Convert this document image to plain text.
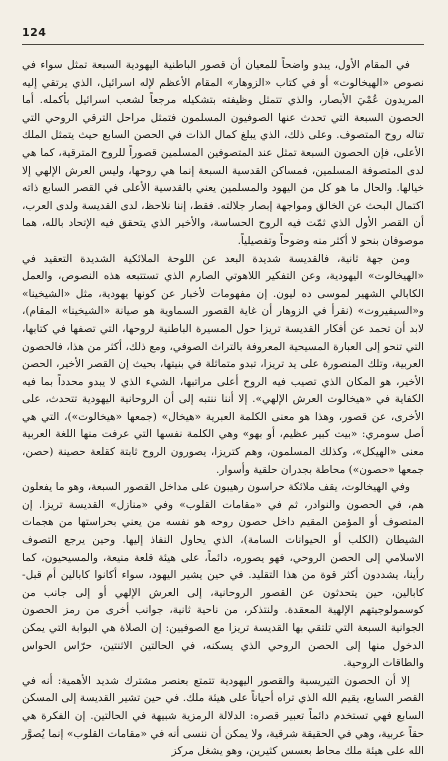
124

في المقام الأول، يبدو واضحاً للمعيان أن قصور الباطنية اليهودية السبعة تمثل سواء في نصوص «الهيخالوت» أو في كتاب «الزوهار» المقام الأعظم لإله اسرائيل، الذي يرتقي إليه المريدون عُمْيَ الأبصار، والذي تتمثل وظيفته بتشكيله مرجعاً لشعب اسرائيل بأكمله. أما الحصون السبعة التي تحدث عنها الصوفيون المسلمون فتمثل مراحل الترقي الروحي التي تناله روح المتصوف. وعلى ذلك، الذي يبلغ كمال الذات في الحصن السابع حيث يتمثل الملك الأعلى، فإن الحصون السبعة تمثل عند المتصوفين المسلمين قصوراً للروح المترقية، كما هي لدى المتصوفة المسلمين، فمساكن القدسية السبعة إنما هي روحها، وليس العرش الإلهي إلا خيالها. والحال ما هو كل من اليهود والمسلمين يعني بالقدسية الأعلى في القصر السابع ذاته اكتمال البحث عن الخالق ومواجهة إبصار جلالته. فقط، إننا نلاحظ، لدى القديسة ولدى العرب، أن القصر الأول الذي ثمّت فيه الروح الحساسة، والأخير الذي يتحقق فيه الإتحاد بالله، هما موصوفان بنحو لا أكثر منه وضوحاً وتفصيلياً.

ومن جهة ثانية، فالقديسة شديدة البعد عن اللوحة الملائكية الشديدة التعقيد في «الهيخالوت» اليهودية، وعن التفكير اللاهوتي الصارم الذي تستتبعه هذه النصوص، والعمل الكابالي الشهير لموسى ده ليون. إن مفهومات لأخبار عن كونها يهودية، مثل «الشيخينا» و«السيفيروت» (نقرأ في الزوهار أن غاية القصور السماوية هو صيانة «الشيخينا» المقام)، لابد أن تحمد عن أفكار القديسة تريزا حول المسيرة الباطنية لروحها، التي تصفها في كتابها، التي تنحو إلى العبارة المسيحية المعروفة بالتراث الصوفي، ومع ذلك، أكثر من هذا، فالحصون العربية، وتلك المنصورة على يد تريزا، تبدو متماثلة في بنيتها، بحيث إن القصر الأخير، الحصن الأخير، هو المكان الذي تصيب فيه الروح أعلى مراتبها، الشيء الذي لا يبدو محدداً بما فيه الكفاية في «هيخالوت العرش الإلهي». إلا أننا ننتبه إلى أن الروحانية اليهودية تتحدث، على الأخرى، عن قصور، وهذا هو معنى الكلمة العبرية «هيخال» (جمعها «هيخالوت»)، التي هي أصل سومري: «بيت كبير عظيم، أو بهو» وهي الكلمة نفسها التي عرفت منها اللغة العربية معنى «الهيكل»، وكذلك المسلمون، وهم كتريزا، يصورون الروح ثابتة كقلعة حصينة (حصن، جمعها «حصون») محاطة بجدران حلقية وأسوار.

وفي الهيخالوت، يقف ملائكة حراسون رهيبون على مداخل القصور السبعة، وهو ما يفعلون هم، في الحصون والنوادر، ثم في «مقامات القلوب» وفي «منازل» القديسة تريزا. إن المتصوف أو المؤمن المقيم داخل حصون روحه هو نفسه من يعني بحراستها من هجمات الشيطان (الكلب أو الحيوانات السامة)، الذي يحاول النفاذ إليها. وحين يرجع التصوف الاسلامي إلى الحصن الروحي، فهو يصوره، دائماً، على هيئة قلعة منيعة، والمسيحيون، كما رأينا، يشددون أكثر قوة من هذا التقليد. في حين يشير اليهود، سواء أكانوا كابالين أم قبل-كابالين، حين يتحدثون عن القصور الروحانية، إلى العرش الإلهي أو إلى جانب من كوسمولوجيتهم الإلهية المعقدة. ولنتذكر، من ناحية ثانية، جوانب أخرى من رمز الحصون الجوانية السبعة التي تلتقي بها القديسة تريزا مع الصوفيين: إن الصلاة هي البوابة التي يمكن الدخول منها إلى الحصن الروحي الذي يسكنه، في الحالتين الاثنتين، حرّاس الحواس والطاقات الروحية.

إلا أن الحصون التيريسية والقصور اليهودية تتمتع بعنصر مشترك شديد الأهمية: أنه في القصر السابع، يقيم الله الذي تراه أحياناً على هيئة ملك. في حين تشير القديسة إلى المسكن السابع فهي تستخدم دائماً تعبير قصره: الدلالة الرمزية شبيهة في الحالتين. إن الفكرة هي حقاً عربية، وهي في الحقيقة شرقية، ولا يمكن أن ننسى أنه في «مقامات القلوب» إنما يُصوَّر الله على هيئة ملك محاط بعسس كثيرين، وهو يشغل مركز
